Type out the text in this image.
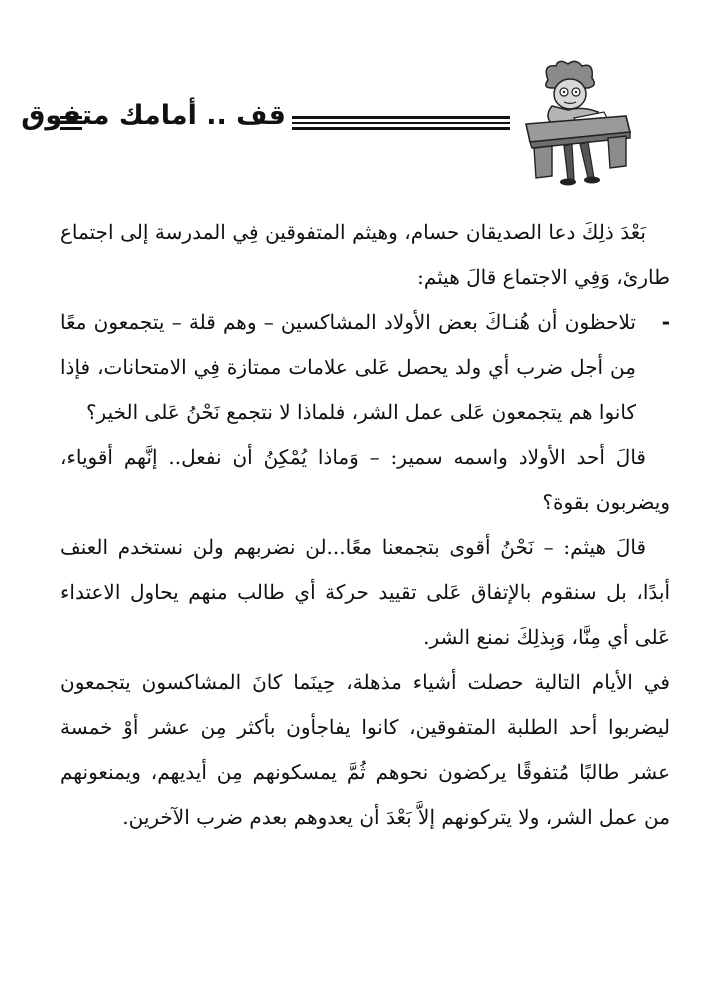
قف .. أمامك متفوق

بَعْدَ ذلِكَ دعا الصديقان حسام، وهيثم المتفوقين فِي المدرسة إلى اجتماع طارئ، وَفِي الاجتماع قالَ هيثم:

-
تلاحظون أن هُنـاكَ بعض الأولاد المشاكسين – وهم قلة – يتجمعون معًا مِن أجل ضرب أي ولد يحصل عَلى علامات ممتازة فِي الامتحانات، فإذا كانوا هم يتجمعون عَلى عمل الشر، فلماذا لا نتجمع نَحْنُ عَلى الخير؟

قالَ أحد الأولاد واسمه سمير: – وَماذا يُمْكِنُ أن نفعل.. إنَّهم أقوياء، ويضربون بقوة؟

قالَ هيثم: – نَحْنُ أقوى بتجمعنا معًا...لن نضربهم ولن نستخدم العنف أبدًا، بل سنقوم بالإتفاق عَلى تقييد حركة أي طالب منهم يحاول الاعتداء عَلى أي مِنَّا، وَبِذلِكَ نمنع الشر.

في الأيام التالية حصلت أشياء مذهلة، حِينَما كانَ المشاكسون يتجمعون ليضربوا أحد الطلبة المتفوقين، كانوا يفاجأون بأكثر مِن عشر أوْ خمسة عشر طالبًا مُتفوقًا يركضون نحوهم ثُمَّ يمسكونهم مِن أيديهم، ويمنعونهم من عمل الشر، ولا يتركونهم إلاَّ بَعْدَ أن يعدوهم بعدم ضرب الآخرين.
